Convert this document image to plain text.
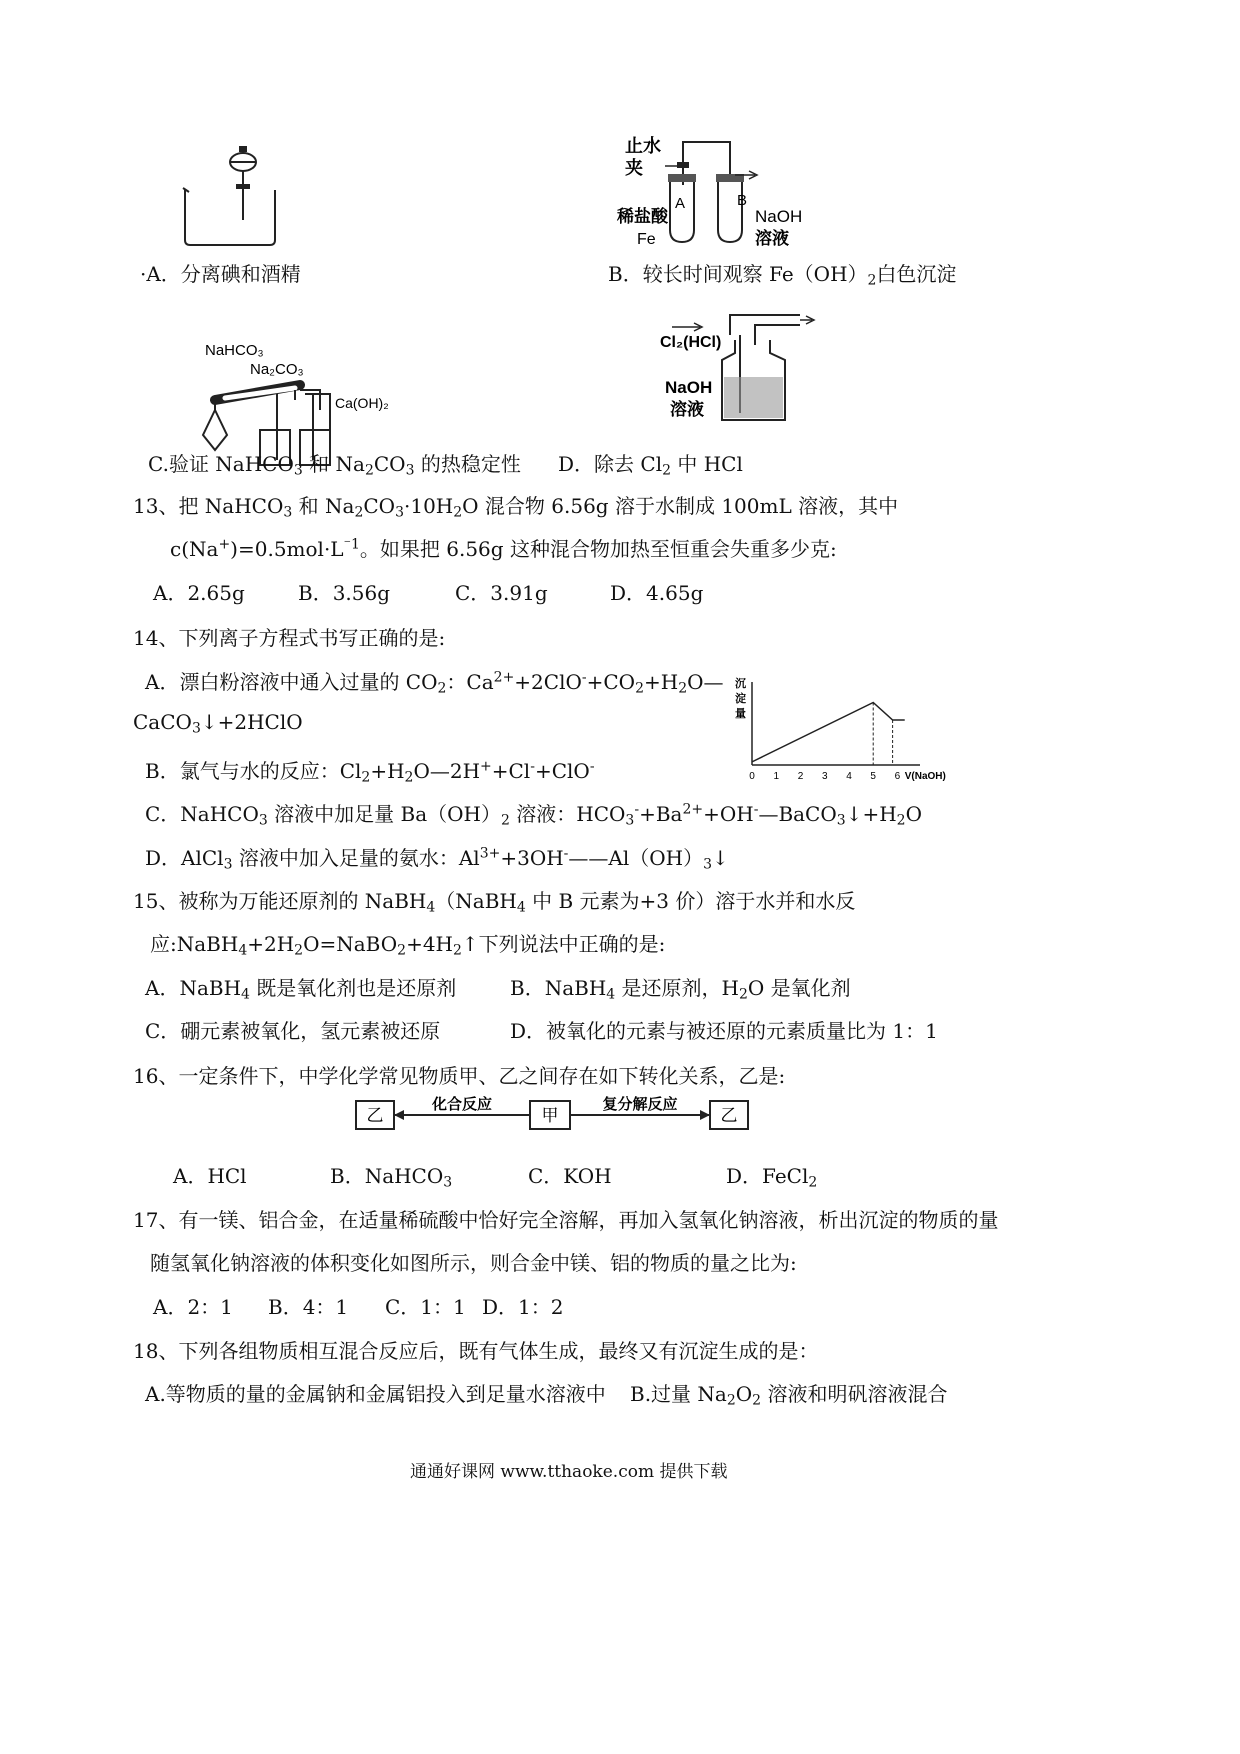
·A．分离碘和酒精
止水
夹
A	B
稀盐酸
Fe
NaOH
溶液
B．较长时间观察 $Fe(OH)_2$白色沉淀
NaHCO₃
Na₂CO₃
Ca(OH)₂
C.验证 NaHCO$_3$ 和 $Na_2CO_3$ 的热稳定性
Cl₂(HCl)
NaOH
溶液
D．除去 $Cl_2$ 中 HCl
13、把 NaHCO$_3$ 和 $Na_2CO_3\cdot 10H_2O$ 混合物 6.56g 溶于水制成 100mL 溶液，其中
$c(Na^+)=0.5mol\cdot L^{^-1}$。如果把 6.56g 这种混合物加热至恒重会失重多少克:
A．2.65g	B．3.56g	C．3.91g	D．4.65g
14、下列离子方程式书写正确的是:
A．漂白粉溶液中通入过量的 $CO_2$：$Ca^{2+}+2ClO^-+CO_2+H_2O—$
CaCO$_3$↓+2HClO
B．氯气与水的反应：$Cl_2+H_2O—2H^++Cl^-+ClO^-$
C．NaHCO$_3$ 溶液中加足量 $Ba(OH)_2$ 溶液：$HCO_3^-+Ba^{2+}+OH^-—BaCO_3↓+H_2O$
D．AlCl$_3$ 溶液中加入足量的氨水：$Al^{3+}+3OH^-——Al(OH)_3↓$
沉
淀
量
0 1 2 3 4 5 6 V(NaOH)
15、被称为万能还原剂的 NaBH$_4$（NaBH$_4$ 中 B 元素为+3 价）溶于水并和水反
应$:NaBH_4+2H_2O=NaBO_2+4H_2↑$下列说法中正确的是:
A．NaBH$_4$ 既是氧化剂也是还原剂	B．NaBH$_4$ 是还原剂，$H_2O$ 是氧化剂
C．硼元素被氧化，氢元素被还原	D．被氧化的元素与被还原的元素质量比为 1：1
16、一定条件下，中学化学常见物质甲、乙之间存在如下转化关系，乙是:
乙	甲	乙
化合反应	复分解反应
A．HCl	B．NaHCO$_3$	C．KOH	D．FeCl$_2$
17、有一镁、铝合金，在适量稀硫酸中恰好完全溶解，再加入氢氧化钠溶液，析出沉淀的物质的量
随氢氧化钠溶液的体积变化如图所示，则合金中镁、铝的物质的量之比为:
A．2：1 B．4：1 C．1：1 D．1：2
18、下列各组物质相互混合反应后，既有气体生成，最终又有沉淀生成的是：
A.等物质的量的金属钠和金属铝投入到足量水溶液中 B.过量 $Na_2O_2$ 溶液和明矾溶液混合
通通好课网 www.tthaoke.com 提供下载
